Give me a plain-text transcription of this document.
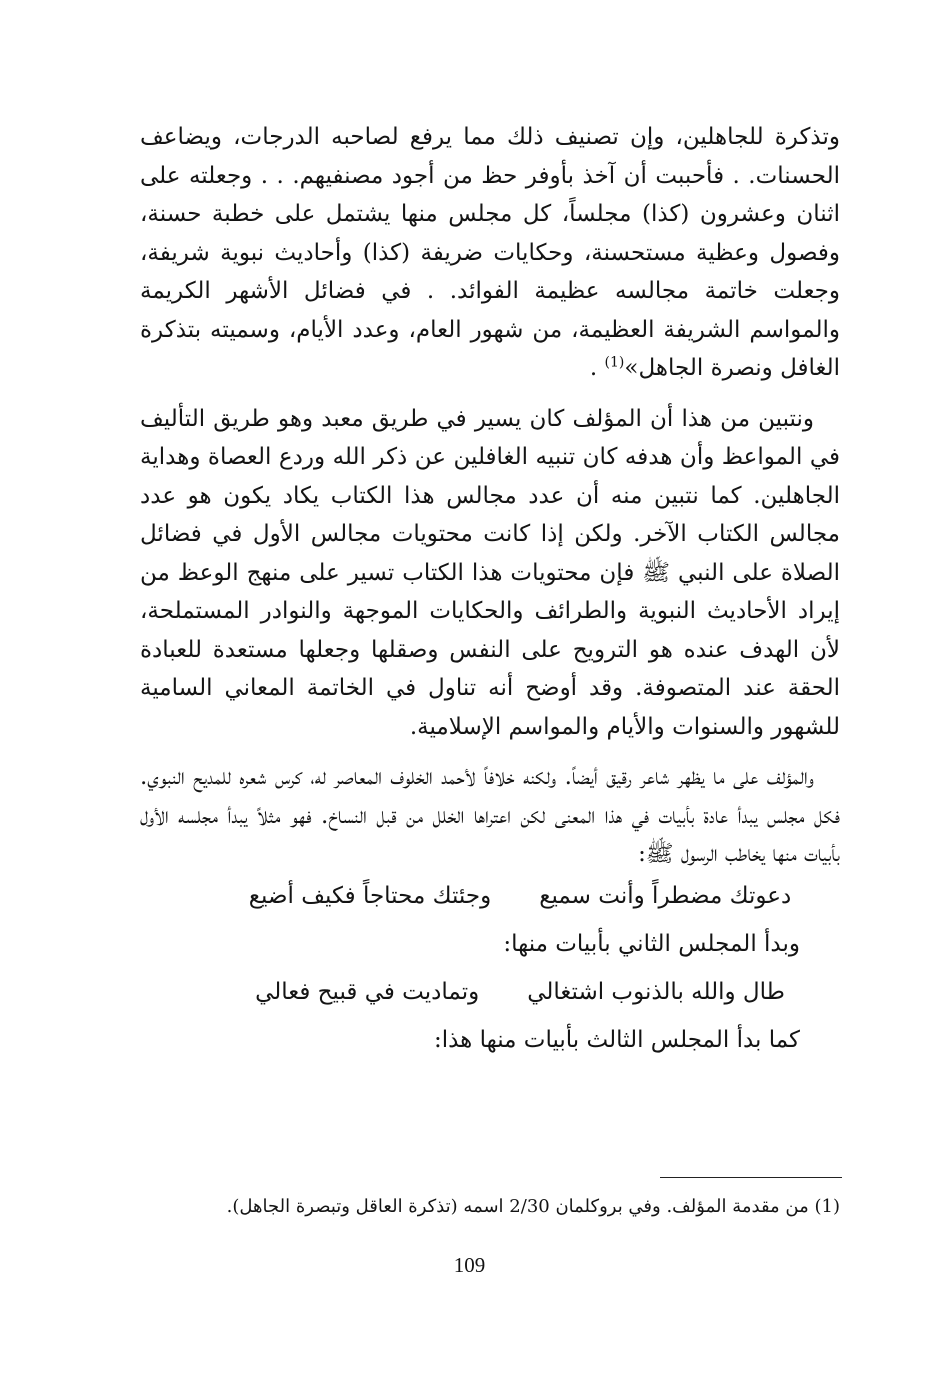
وتذكرة للجاهلين، وإن تصنيف ذلك مما يرفع لصاحبه الدرجات، ويضاعف الحسنات. . فأحببت أن آخذ بأوفر حظ من أجود مصنفيهم. . . وجعلته على اثنان وعشرون (كذا) مجلساً، كل مجلس منها يشتمل على خطبة حسنة، وفصول وعظية مستحسنة، وحكايات ضريفة (كذا) وأحاديث نبوية شريفة، وجعلت خاتمة مجالسه عظيمة الفوائد. . في فضائل الأشهر الكريمة والمواسم الشريفة العظيمة، من شهور العام، وعدد الأيام، وسميته بتذكرة الغافل ونصرة الجاهل»$^{(1)}$ .

ونتبين من هذا أن المؤلف كان يسير في طريق معبد وهو طريق التأليف في المواعظ وأن هدفه كان تنبيه الغافلين عن ذكر الله وردع العصاة وهداية الجاهلين. كما نتبين منه أن عدد مجالس هذا الكتاب يكاد يكون هو عدد مجالس الكتاب الآخر. ولكن إذا كانت محتويات مجالس الأول في فضائل الصلاة على النبي ﷺ فإن محتويات هذا الكتاب تسير على منهج الوعظ من إيراد الأحاديث النبوية والطرائف والحكايات الموجهة والنوادر المستملحة، لأن الهدف عنده هو الترويح على النفس وصقلها وجعلها مستعدة للعبادة الحقة عند المتصوفة. وقد أوضح أنه تناول في الخاتمة المعاني السامية للشهور والسنوات والأيام والمواسم الإسلامية.

والمؤلف على ما يظهر شاعر رقيق أيضاً. ولكنه خلافاً لأحمد الخلوف المعاصر له، كرس شعره للمديح النبوي. فكل مجلس يبدأ عادة بأبيات في هذا المعنى لكن اعتراها الخلل من قبل النساخ. فهو مثلاً يبدأ مجلسه الأول بأبيات منها يخاطب الرسول ﷺ:

دعوتك مضطراً وأنت سميع
وجئتك محتاجاً فكيف أضيع
وبدأ المجلس الثاني بأبيات منها:
طال والله بالذنوب اشتغالي
وتماديت في قبيح فعالي
كما بدأ المجلس الثالث بأبيات منها هذا:
(1) من مقدمة المؤلف. وفي بروكلمان 2/30 اسمه (تذكرة العاقل وتبصرة الجاهل).
109
